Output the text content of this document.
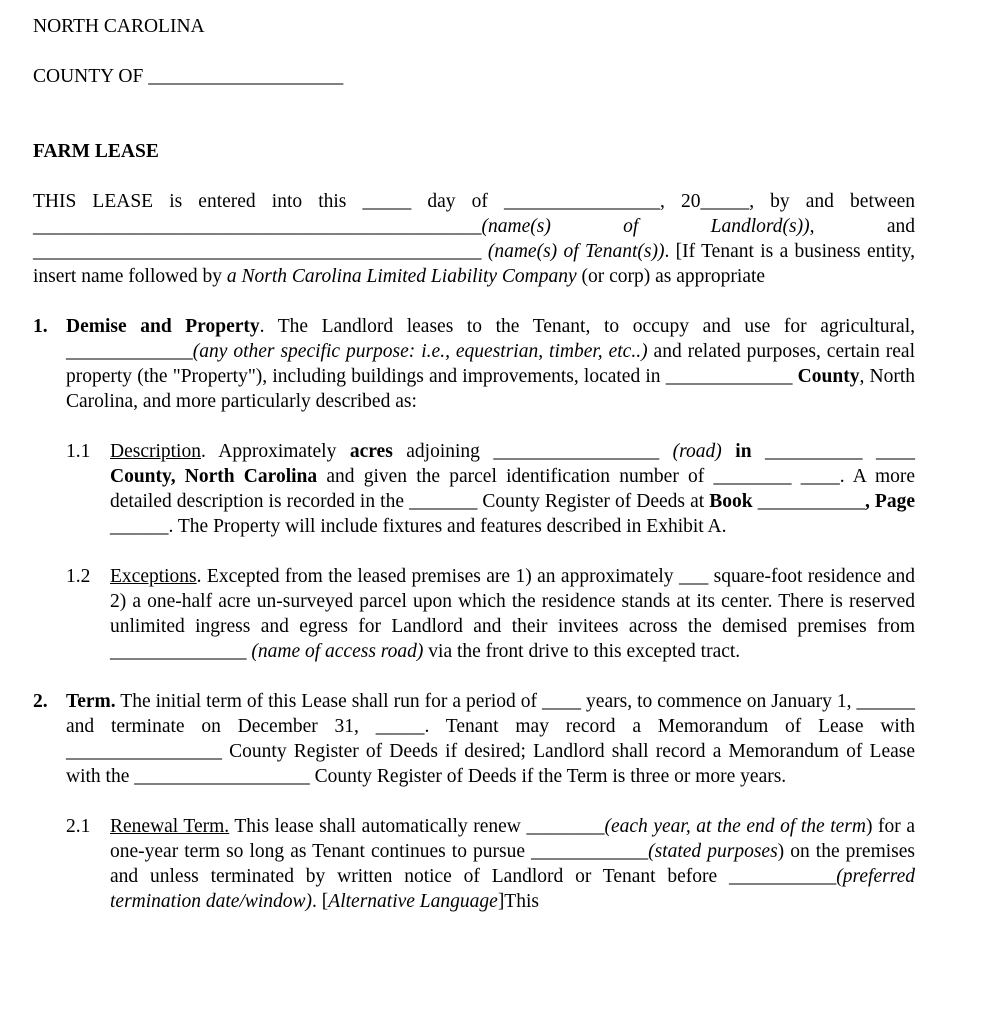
NORTH CAROLINA

COUNTY OF ____________________

FARM LEASE

THIS LEASE is entered into this _____ day of ________________, 20_____, by and between ______________________________________________(name(s) of Landlord(s)), and ______________________________________________ (name(s) of Tenant(s)). [If Tenant is a business entity, insert name followed by a North Carolina Limited Liability Company (or corp) as appropriate

1. Demise and Property. The Landlord leases to the Tenant, to occupy and use for agricultural, _____________(any other specific purpose: i.e., equestrian, timber, etc..) and related purposes, certain real property (the "Property"), including buildings and improvements, located in _____________ County, North Carolina, and more particularly described as:

1.1 Description. Approximately acres adjoining _________________ (road) in __________ ____ County, North Carolina and given the parcel identification number of ________ ____. A more detailed description is recorded in the _______ County Register of Deeds at Book ___________, Page ______. The Property will include fixtures and features described in Exhibit A.

1.2 Exceptions. Excepted from the leased premises are 1) an approximately ___ square-foot residence and 2) a one-half acre un-surveyed parcel upon which the residence stands at its center. There is reserved unlimited ingress and egress for Landlord and their invitees across the demised premises from ______________ (name of access road) via the front drive to this excepted tract.

2. Term. The initial term of this Lease shall run for a period of ____ years, to commence on January 1, ______ and terminate on December 31, _____. Tenant may record a Memorandum of Lease with ________________ County Register of Deeds if desired; Landlord shall record a Memorandum of Lease with the __________________ County Register of Deeds if the Term is three or more years.

2.1 Renewal Term. This lease shall automatically renew ________(each year, at the end of the term) for a one-year term so long as Tenant continues to pursue ____________(stated purposes) on the premises and unless terminated by written notice of Landlord or Tenant before ___________(preferred termination date/window). [Alternative Language]This
